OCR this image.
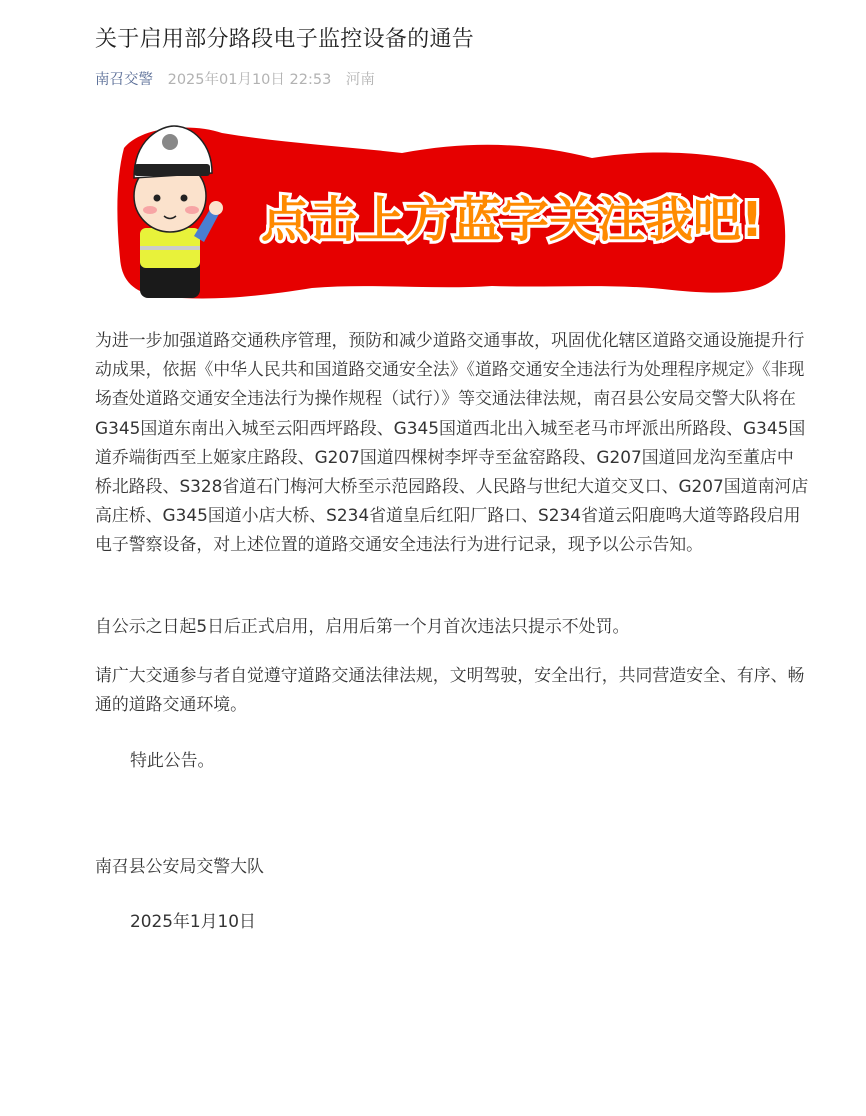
关于启用部分路段电子监控设备的通告
南召交警 2025年01月10日 22:53 河南
点击上方蓝字关注我吧!

为进一步加强道路交通秩序管理，预防和减少道路交通事故，巩固优化辖区道路交通设施提升行动成果，依据《中华人民共和国道路交通安全法》《道路交通安全违法行为处理程序规定》《非现场查处道路交通安全违法行为操作规程（试行）》等交通法律法规，南召县公安局交警大队将在G345国道东南出入城至云阳西坪路段、G345国道西北出入城至老马市坪派出所路段、G345国道乔端街西至上姬家庄路段、G207国道四棵树李坪寺至盆窑路段、G207国道回龙沟至董店中桥北路段、S328省道石门梅河大桥至示范园路段、人民路与世纪大道交叉口、G207国道南河店高庄桥、G345国道小店大桥、S234省道皇后红阳厂路口、S234省道云阳鹿鸣大道等路段启用电子警察设备，对上述位置的道路交通安全违法行为进行记录，现予以公示告知。

自公示之日起5日后正式启用，启用后第一个月首次违法只提示不处罚。

请广大交通参与者自觉遵守道路交通法律法规，文明驾驶，安全出行，共同营造安全、有序、畅通的道路交通环境。

特此公告。

南召县公安局交警大队

2025年1月10日
